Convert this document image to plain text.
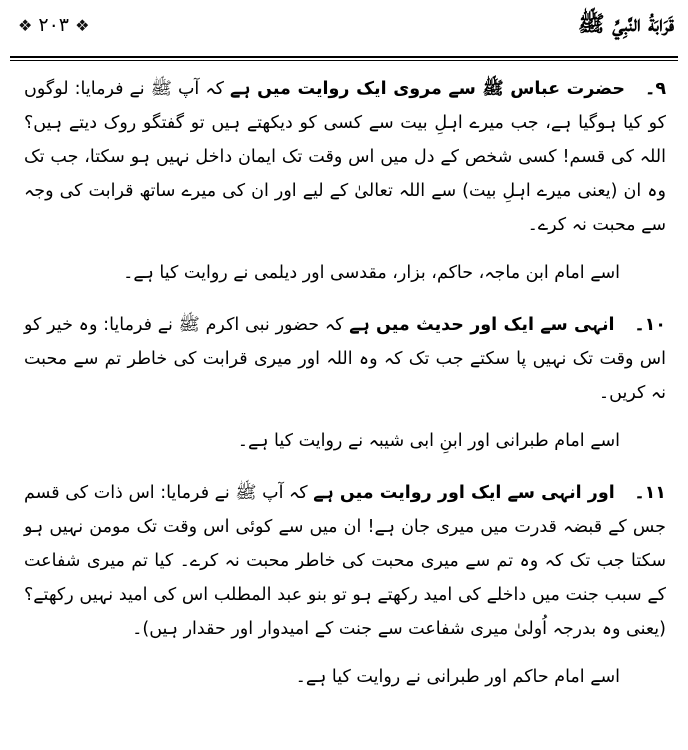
قَرَابَةُ النَّبِيِّ ﷺ
❖ ۲۰۳ ❖

۹۔ حضرت عباس ﷺ سے مروی ایک روایت میں ہے کہ آپ ﷺ نے فرمایا: لوگوں کو کیا ہوگیا ہے، جب میرے اہلِ بیت سے کسی کو دیکھتے ہیں تو گفتگو روک دیتے ہیں؟ اللہ کی قسم! کسی شخص کے دل میں اس وقت تک ایمان داخل نہیں ہو سکتا، جب تک وہ ان (یعنی میرے اہلِ بیت) سے اللہ تعالیٰ کے لیے اور ان کی میرے ساتھ قرابت کی وجہ سے محبت نہ کرے۔

اسے امام ابن ماجہ، حاکم، بزار، مقدسی اور دیلمی نے روایت کیا ہے۔

۱۰۔ انہی سے ایک اور حدیث میں ہے کہ حضور نبی اکرم ﷺ نے فرمایا: وہ خیر کو اس وقت تک نہیں پا سکتے جب تک کہ وہ اللہ اور میری قرابت کی خاطر تم سے محبت نہ کریں۔

اسے امام طبرانی اور ابنِ ابی شیبہ نے روایت کیا ہے۔

۱۱۔ اور انہی سے ایک اور روایت میں ہے کہ آپ ﷺ نے فرمایا: اس ذات کی قسم جس کے قبضہ قدرت میں میری جان ہے! ان میں سے کوئی اس وقت تک مومن نہیں ہو سکتا جب تک کہ وہ تم سے میری محبت کی خاطر محبت نہ کرے۔ کیا تم میری شفاعت کے سبب جنت میں داخلے کی امید رکھتے ہو تو بنو عبد المطلب اس کی امید نہیں رکھتے؟ (یعنی وہ بدرجہ اُولیٰ میری شفاعت سے جنت کے امیدوار اور حقدار ہیں)۔

اسے امام حاکم اور طبرانی نے روایت کیا ہے۔
